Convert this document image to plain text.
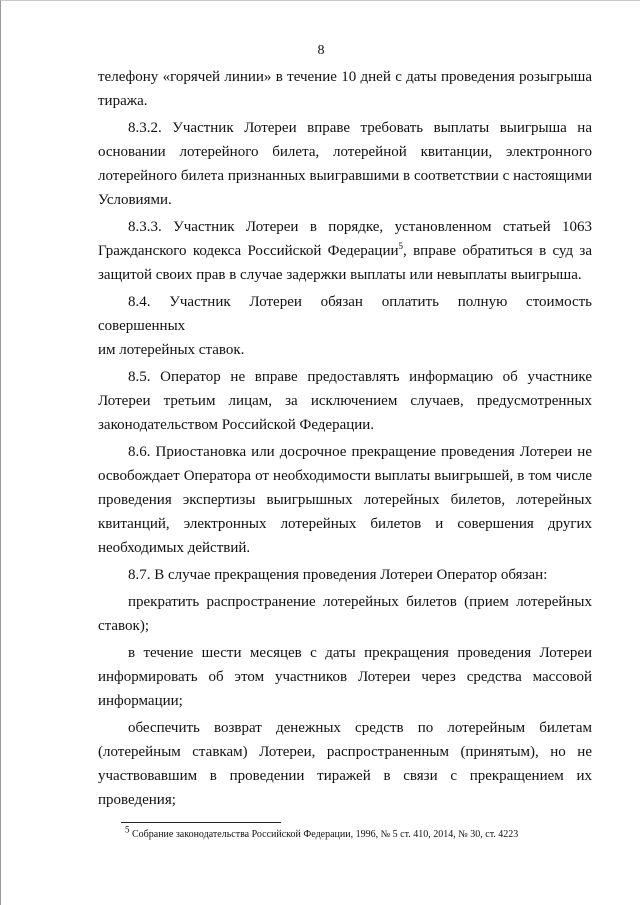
8

телефону «горячей линии» в течение 10 дней с даты проведения розыгрыша

тиража.

8.3.2. Участник Лотереи вправе требовать выплаты выигрыша на

основании лотерейного билета, лотерейной квитанции, электронного

лотерейного билета признанных выигравшими в соответствии с настоящими

Условиями.

8.3.3. Участник Лотереи в порядке, установленном статьей 1063

Гражданского кодекса Российской Федерации$^5$, вправе обратиться в суд за

защитой своих прав в случае задержки выплаты или невыплаты выигрыша.

8.4. Участник Лотереи обязан оплатить полную стоимость совершенных

им лотерейных ставок.

8.5. Оператор не вправе предоставлять информацию об участнике

Лотереи третьим лицам, за исключением случаев, предусмотренных

законодательством Российской Федерации.

8.6. Приостановка или досрочное прекращение проведения Лотереи не

освобождает Оператора от необходимости выплаты выигрышей, в том числе

проведения экспертизы выигрышных лотерейных билетов, лотерейных

квитанций, электронных лотерейных билетов и совершения других

необходимых действий.

8.7. В случае прекращения проведения Лотереи Оператор обязан:

прекратить распространение лотерейных билетов (прием лотерейных

ставок);

в течение шести месяцев с даты прекращения проведения Лотереи

информировать об этом участников Лотереи через средства массовой

информации;

обеспечить возврат денежных средств по лотерейным билетам

(лотерейным ставкам) Лотереи, распространенным (принятым), но не

участвовавшим в проведении тиражей в связи с прекращением их

проведения;

$^5$ Собрание законодательства Российской Федерации, 1996, № 5 ст. 410, 2014, № 30, ст. 4223
